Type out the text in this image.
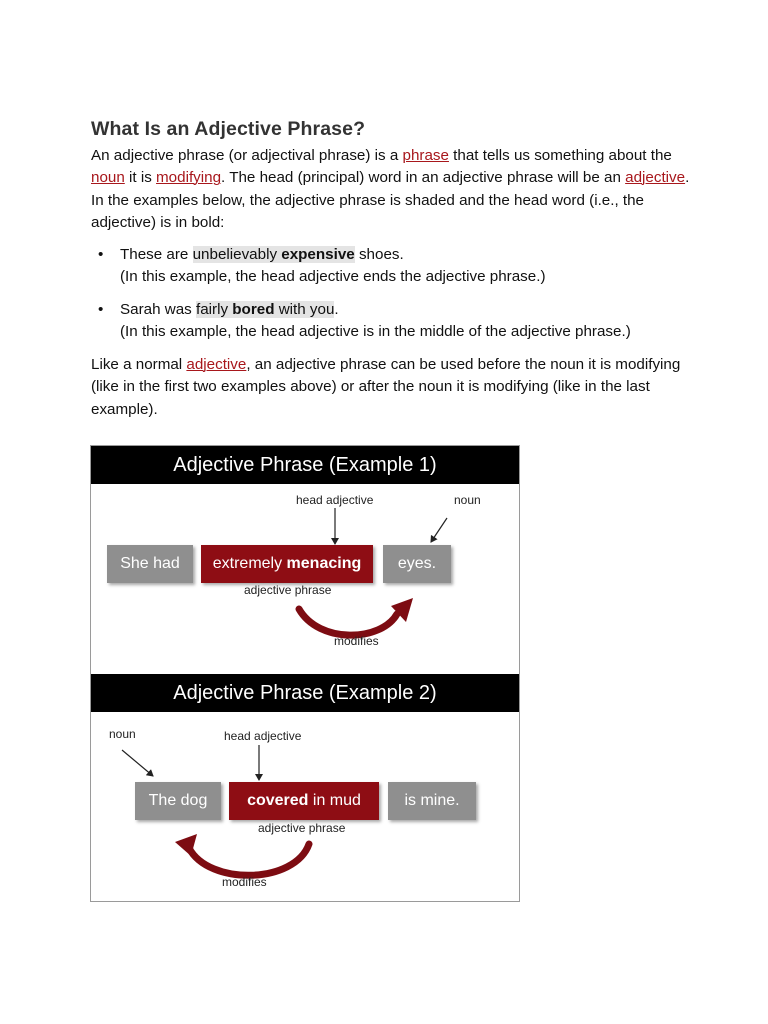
What Is an Adjective Phrase?

An adjective phrase (or adjectival phrase) is a phrase that tells us something about the noun it is modifying. The head (principal) word in an adjective phrase will be an adjective. In the examples below, the adjective phrase is shaded and the head word (i.e., the adjective) is in bold:

• These are unbelievably expensive shoes.
(In this example, the head adjective ends the adjective phrase.)
• Sarah was fairly bored with you.
(In this example, the head adjective is in the middle of the adjective phrase.)

Like a normal adjective, an adjective phrase can be used before the noun it is modifying (like in the first two examples above) or after the noun it is modifying (like in the last example).

Adjective Phrase (Example 1)
head adjective	noun
She had	extremely menacing	eyes.
adjective phrase
modifies
Adjective Phrase (Example 2)
noun	head adjective
The dog	covered in mud	is mine.
adjective phrase
modifies
